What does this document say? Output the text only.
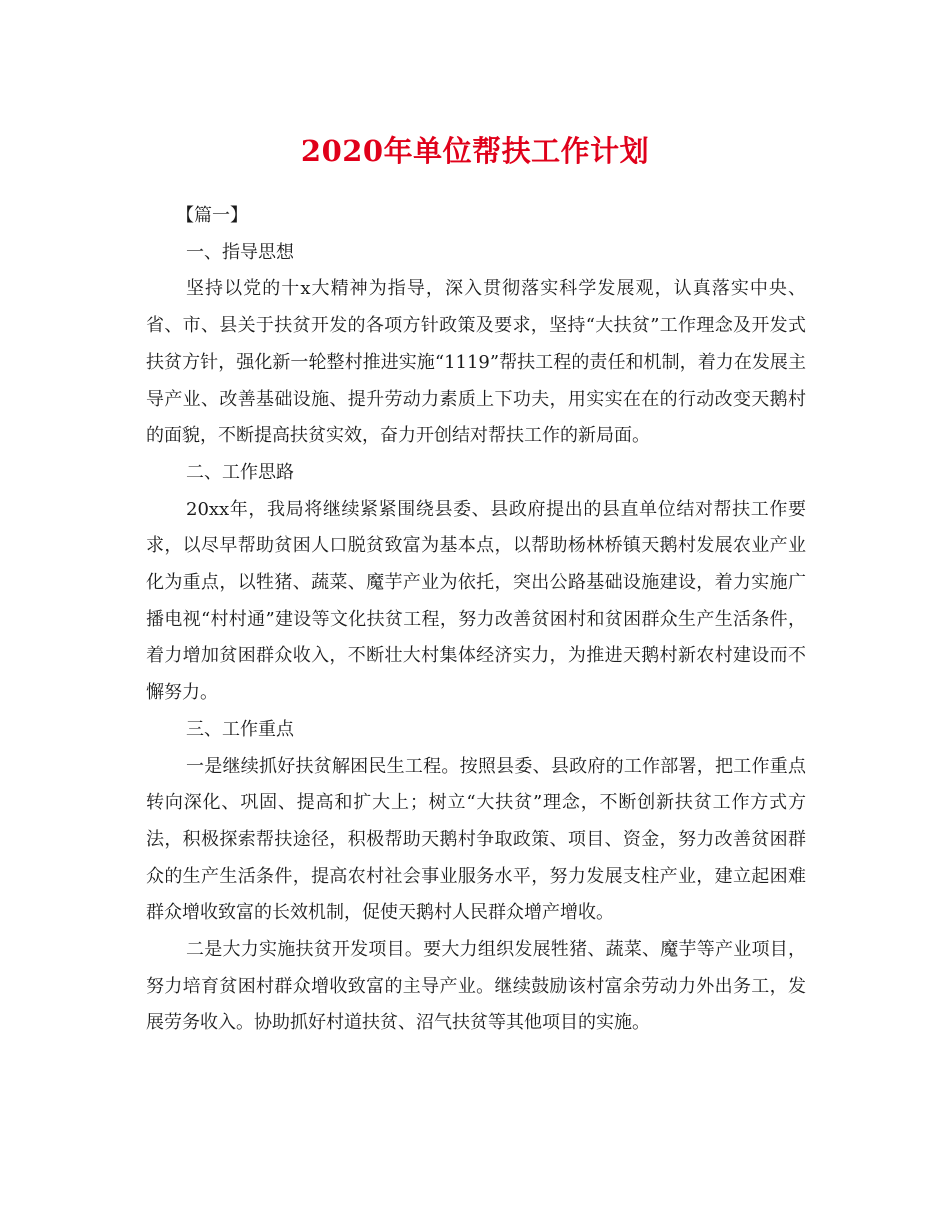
2020年单位帮扶工作计划

【篇一】

一、指导思想

坚持以党的十x大精神为指导，深入贯彻落实科学发展观，认真落实中央、省、市、县关于扶贫开发的各项方针政策及要求，坚持“大扶贫”工作理念及开发式扶贫方针，强化新一轮整村推进实施“1119”帮扶工程的责任和机制，着力在发展主导产业、改善基础设施、提升劳动力素质上下功夫，用实实在在的行动改变天鹅村的面貌，不断提高扶贫实效，奋力开创结对帮扶工作的新局面。

二、工作思路

20xx年，我局将继续紧紧围绕县委、县政府提出的县直单位结对帮扶工作要求，以尽早帮助贫困人口脱贫致富为基本点，以帮助杨林桥镇天鹅村发展农业产业化为重点，以牲猪、蔬菜、魔芋产业为依托，突出公路基础设施建设，着力实施广播电视“村村通”建设等文化扶贫工程，努力改善贫困村和贫困群众生产生活条件，着力增加贫困群众收入，不断壮大村集体经济实力，为推进天鹅村新农村建设而不懈努力。

三、工作重点

一是继续抓好扶贫解困民生工程。按照县委、县政府的工作部署，把工作重点转向深化、巩固、提高和扩大上；树立“大扶贫”理念，不断创新扶贫工作方式方法，积极探索帮扶途径，积极帮助天鹅村争取政策、项目、资金，努力改善贫困群众的生产生活条件，提高农村社会事业服务水平，努力发展支柱产业，建立起困难群众增收致富的长效机制，促使天鹅村人民群众增产增收。

二是大力实施扶贫开发项目。要大力组织发展牲猪、蔬菜、魔芋等产业项目，努力培育贫困村群众增收致富的主导产业。继续鼓励该村富余劳动力外出务工，发展劳务收入。协助抓好村道扶贫、沼气扶贫等其他项目的实施。
